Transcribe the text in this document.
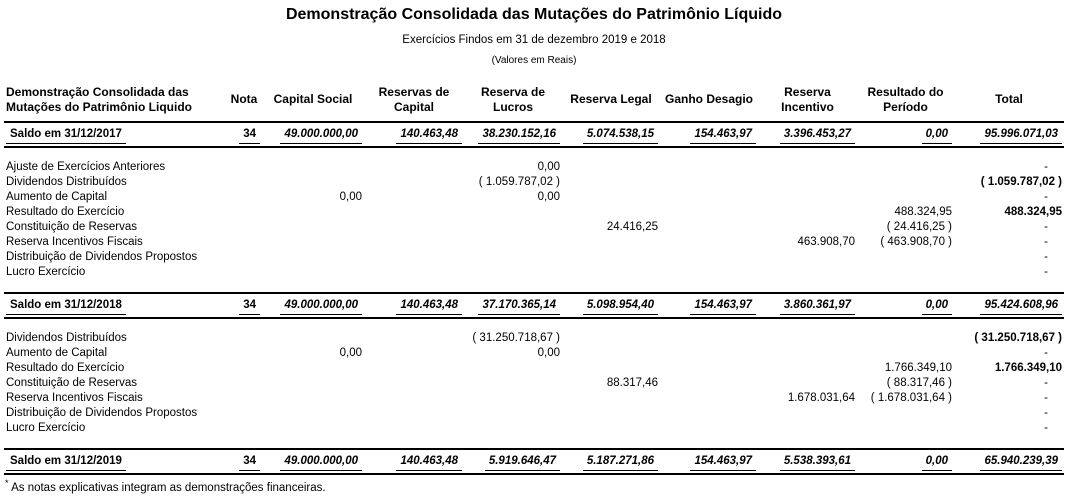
Demonstração Consolidada das Mutações do Patrimônio Líquido
Exercícios Findos em 31 de dezembro 2019 e 2018
(Valores em Reais)
Demonstração Consolidada das Mutações do Patrimônio Liquido	Nota	Capital Social	Reservas de Capital	Reserva de Lucros	Reserva Legal	Ganho Desagio	Reserva Incentivo	Resultado do Período	Total
Saldo em 31/12/2017	34	49.000.000,00	140.463,48	38.230.152,16	5.074.538,15	154.463,97	3.396.453,27	0,00	95.996.071,03

Ajuste de Exercícios Anteriores				0,00					-
Dividendos Distribuídos				( 1.059.787,02 )					( 1.059.787,02 )
Aumento de Capital		0,00		0,00					-
Resultado do Exercício								488.324,95	488.324,95
Constituição de Reservas					24.416,25			( 24.416,25 )	-
Reserva Incentivos Fiscais							463.908,70	( 463.908,70 )	-
Distribuição de Dividendos Propostos									-
Lucro Exercício									-

Saldo em 31/12/2018	34	49.000.000,00	140.463,48	37.170.365,14	5.098.954,40	154.463,97	3.860.361,97	0,00	95.424.608,96

Dividendos Distribuídos				( 31.250.718,67 )					( 31.250.718,67 )
Aumento de Capital		0,00		0,00					-
Resultado do Exercício								1.766.349,10	1.766.349,10
Constituição de Reservas					88.317,46			( 88.317,46 )	-
Reserva Incentivos Fiscais							1.678.031,64	( 1.678.031,64 )	-
Distribuição de Dividendos Propostos									-
Lucro Exercício									-

Saldo em 31/12/2019	34	49.000.000,00	140.463,48	5.919.646,47	5.187.271,86	154.463,97	5.538.393,61	0,00	65.940.239,39
* As notas explicativas integram as demonstrações financeiras.
